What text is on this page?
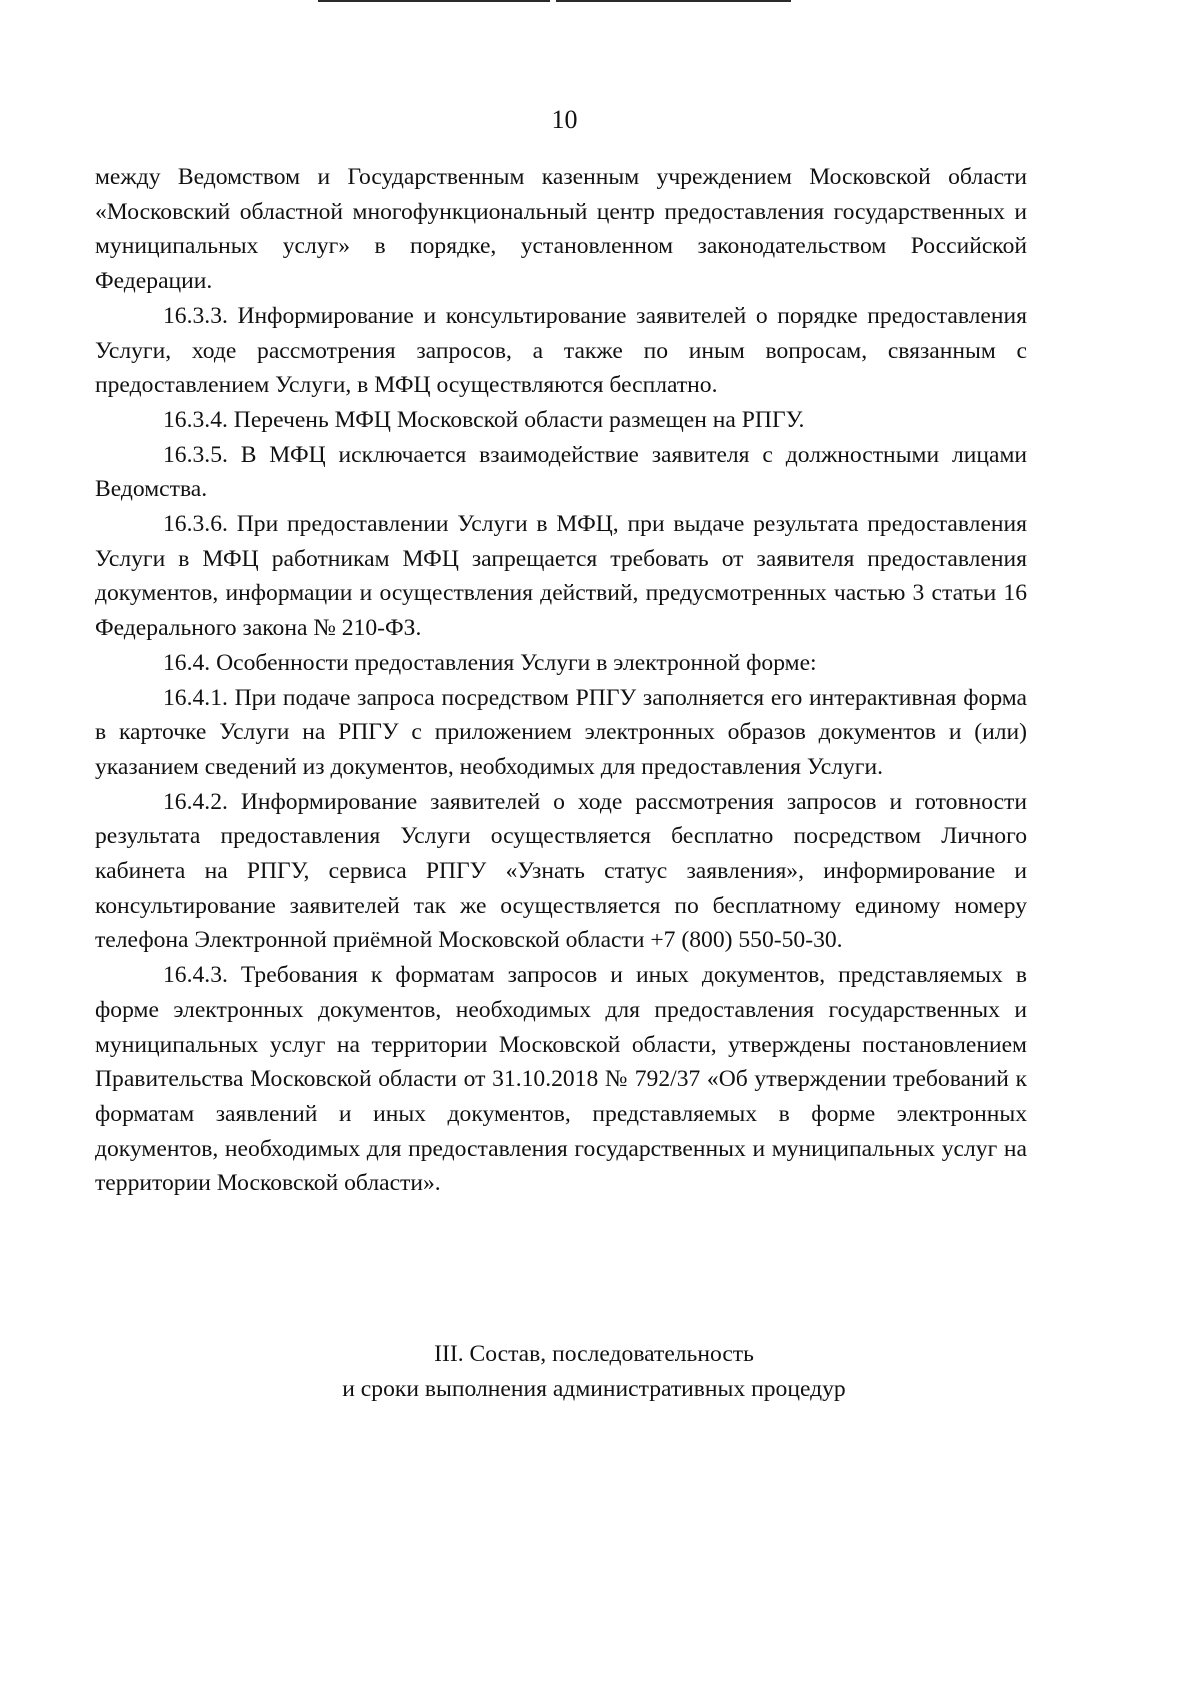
10

между Ведомством и Государственным казенным учреждением Московской области «Московский областной многофункциональный центр предоставления государственных и муниципальных услуг» в порядке, установленном законодательством Российской Федерации.

16.3.3. Информирование и консультирование заявителей о порядке предоставления Услуги, ходе рассмотрения запросов, а также по иным вопросам, связанным с предоставлением Услуги, в МФЦ осуществляются бесплатно.

16.3.4. Перечень МФЦ Московской области размещен на РПГУ.

16.3.5. В МФЦ исключается взаимодействие заявителя с должностными лицами Ведомства.

16.3.6. При предоставлении Услуги в МФЦ, при выдаче результата предоставления Услуги в МФЦ работникам МФЦ запрещается требовать от заявителя предоставления документов, информации и осуществления действий, предусмотренных частью 3 статьи 16 Федерального закона № 210-ФЗ.

16.4. Особенности предоставления Услуги в электронной форме:

16.4.1. При подаче запроса посредством РПГУ заполняется его интерактивная форма в карточке Услуги на РПГУ с приложением электронных образов документов и (или) указанием сведений из документов, необходимых для предоставления Услуги.

16.4.2. Информирование заявителей о ходе рассмотрения запросов и готовности результата предоставления Услуги осуществляется бесплатно посредством Личного кабинета на РПГУ, сервиса РПГУ «Узнать статус заявления», информирование и консультирование заявителей так же осуществляется по бесплатному единому номеру телефона Электронной приёмной Московской области +7 (800) 550-50-30.

16.4.3. Требования к форматам запросов и иных документов, представляемых в форме электронных документов, необходимых для предоставления государственных и муниципальных услуг на территории Московской области, утверждены постановлением Правительства Московской области от 31.10.2018 № 792/37 «Об утверждении требований к форматам заявлений и иных документов, представляемых в форме электронных документов, необходимых для предоставления государственных и муниципальных услуг на территории Московской области».

III. Состав, последовательность
и сроки выполнения административных процедур
